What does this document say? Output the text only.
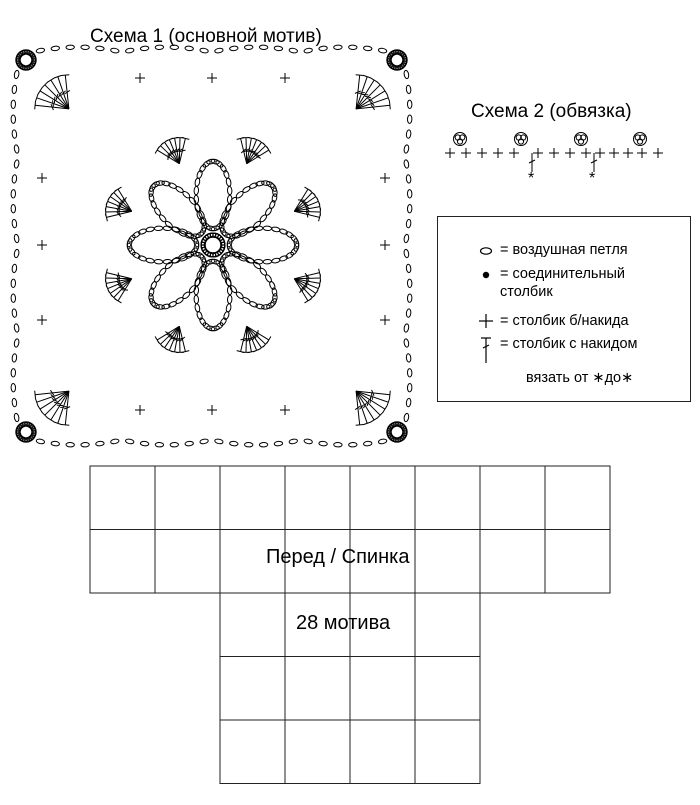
Схема 1 (основной мотив)
Схема 2 (обвязка)
*	*
= воздушная петля
= соединительный
столбик
= столбик б/накида
= столбик с накидом
вязать от ∗до∗
Перед / Спинка
28 мотива
